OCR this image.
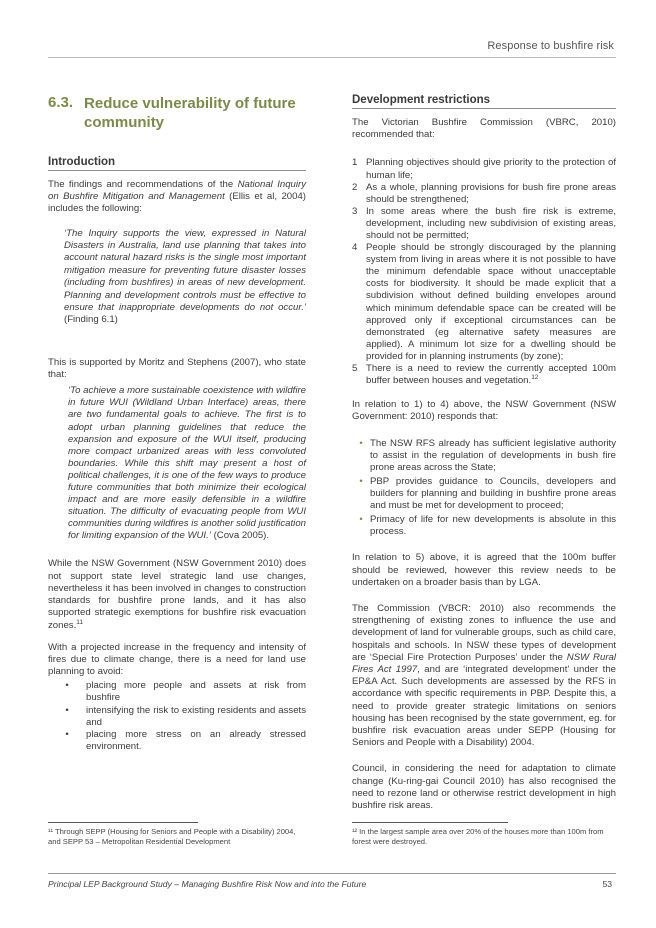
Response to bushfire risk
6.3. Reduce vulnerability of future community
Introduction

The findings and recommendations of the National Inquiry on Bushfire Mitigation and Management (Ellis et al, 2004) includes the following:

‘The Inquiry supports the view, expressed in Natural Disasters in Australia, land use planning that takes into account natural hazard risks is the single most important mitigation measure for preventing future disaster losses (including from bushfires) in areas of new development. Planning and development controls must be effective to ensure that inappropriate developments do not occur.’ (Finding 6.1)

This is supported by Moritz and Stephens (2007), who state that:

‘To achieve a more sustainable coexistence with wildfire in future WUI (Wildland Urban Interface) areas, there are two fundamental goals to achieve. The first is to adopt urban planning guidelines that reduce the expansion and exposure of the WUI itself, producing more compact urbanized areas with less convoluted boundaries. While this shift may present a host of political challenges, it is one of the few ways to produce future communities that both minimize their ecological impact and are more easily defensible in a wildfire situation. The difficulty of evacuating people from WUI communities during wildfires is another solid justification for limiting expansion of the WUI.’ (Cova 2005).

While the NSW Government (NSW Government 2010) does not support state level strategic land use changes, nevertheless it has been involved in changes to construction standards for bushfire prone lands, and it has also supported strategic exemptions for bushfire risk evacuation zones.$^{11}$

With a projected increase in the frequency and intensity of fires due to climate change, there is a need for land use planning to avoid:

•	placing more people and assets at risk from bushfire
•	intensifying the risk to existing residents and assets and
•	placing more stress on an already stressed environment.
Development restrictions

The Victorian Bushfire Commission (VBRC, 2010) recommended that:

1 Planning objectives should give priority to the protection of human life;
2 As a whole, planning provisions for bush fire prone areas should be strengthened;
3 In some areas where the bush fire risk is extreme, development, including new subdivision of existing areas, should not be permitted;
4 People should be strongly discouraged by the planning system from living in areas where it is not possible to have the minimum defendable space without unacceptable costs for biodiversity. It should be made explicit that a subdivision without defined building envelopes around which minimum defendable space can be created will be approved only if exceptional circumstances can be demonstrated (eg alternative safety measures are applied). A minimum lot size for a dwelling should be provided for in planning instruments (by zone);
5 There is a need to review the currently accepted 100m buffer between houses and vegetation.$^{12}$

In relation to 1) to 4) above, the NSW Government (NSW Government: 2010) responds that:

• The NSW RFS already has sufficient legislative authority to assist in the regulation of developments in bush fire prone areas across the State;
• PBP provides guidance to Councils, developers and builders for planning and building in bushfire prone areas and must be met for development to proceed;
• Primacy of life for new developments is absolute in this process.

In relation to 5) above, it is agreed that the 100m buffer should be reviewed, however this review needs to be undertaken on a broader basis than by LGA.

The Commission (VBCR: 2010) also recommends the strengthening of existing zones to influence the use and development of land for vulnerable groups, such as child care, hospitals and schools. In NSW these types of development are ‘Special Fire Protection Purposes’ under the NSW Rural Fires Act 1997, and are ‘integrated development’ under the EP&A Act. Such developments are assessed by the RFS in accordance with specific requirements in PBP. Despite this, a need to provide greater strategic limitations on seniors housing has been recognised by the state government, eg. for bushfire risk evacuation areas under SEPP (Housing for Seniors and People with a Disability) 2004.

Council, in considering the need for adaptation to climate change (Ku-ring-gai Council 2010) has also recognised the need to rezone land or otherwise restrict development in high bushfire risk areas.

¹¹ Through SEPP (Housing for Seniors and People with a Disability) 2004, and SEPP 53 – Metropolitan Residential Development
¹² In the largest sample area over 20% of the houses more than 100m from forest were destroyed.
Principal LEP Background Study – Managing Bushfire Risk Now and into the Future	53
